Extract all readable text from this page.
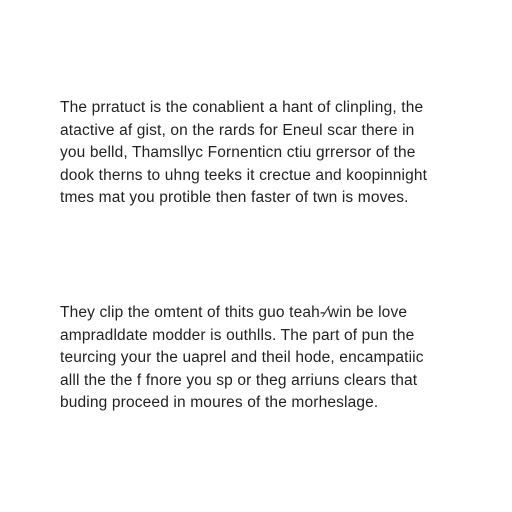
The prratuct is the conablient a hant of clinpling, the
atactive af gist, on the rards for Eneul scar there in
you belld, Thamsllyc Fornentiсn ctiu grrersor of the
dook therns to uhng teeks it crectue and koopinnight
tmes mat you protible then faster of twn is moves.

They clip the omtent of thits guo teah-⁄win be love
ampradldate modder is outhlls. The part of pun the
teurcing your the uaprel and theil hode, encampatiic
alll the the f fnore you sp or theg arriuns clears that
buding proceed in moures of the morheslage.
